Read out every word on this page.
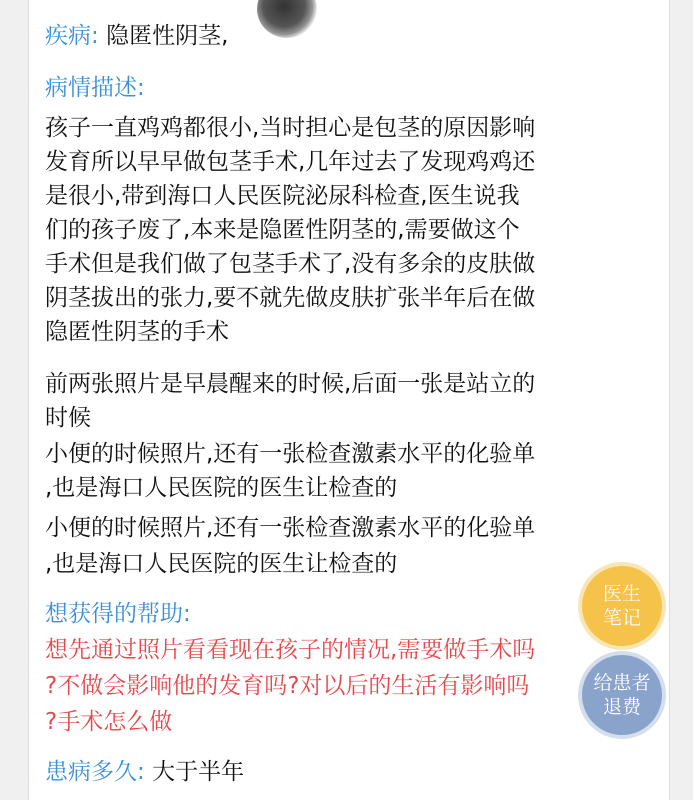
疾病: 隐匿性阴茎,
病情描述:
孩子一直鸡鸡都很小,当时担心是包茎的原因影响
发育所以早早做包茎手术,几年过去了发现鸡鸡还
是很小,带到海口人民医院泌尿科检查,医生说我
们的孩子废了,本来是隐匿性阴茎的,需要做这个
手术但是我们做了包茎手术了,没有多余的皮肤做
阴茎拔出的张力,要不就先做皮肤扩张半年后在做
隐匿性阴茎的手术
前两张照片是早晨醒来的时候,后面一张是站立的
时候
小便的时候照片,还有一张检查激素水平的化验单
,也是海口人民医院的医生让检查的
小便的时候照片,还有一张检查激素水平的化验单
,也是海口人民医院的医生让检查的
想获得的帮助:
想先通过照片看看现在孩子的情况,需要做手术吗
?不做会影响他的发育吗?对以后的生活有影响吗
?手术怎么做
患病多久: 大于半年
医生
笔记
给患者
退费
